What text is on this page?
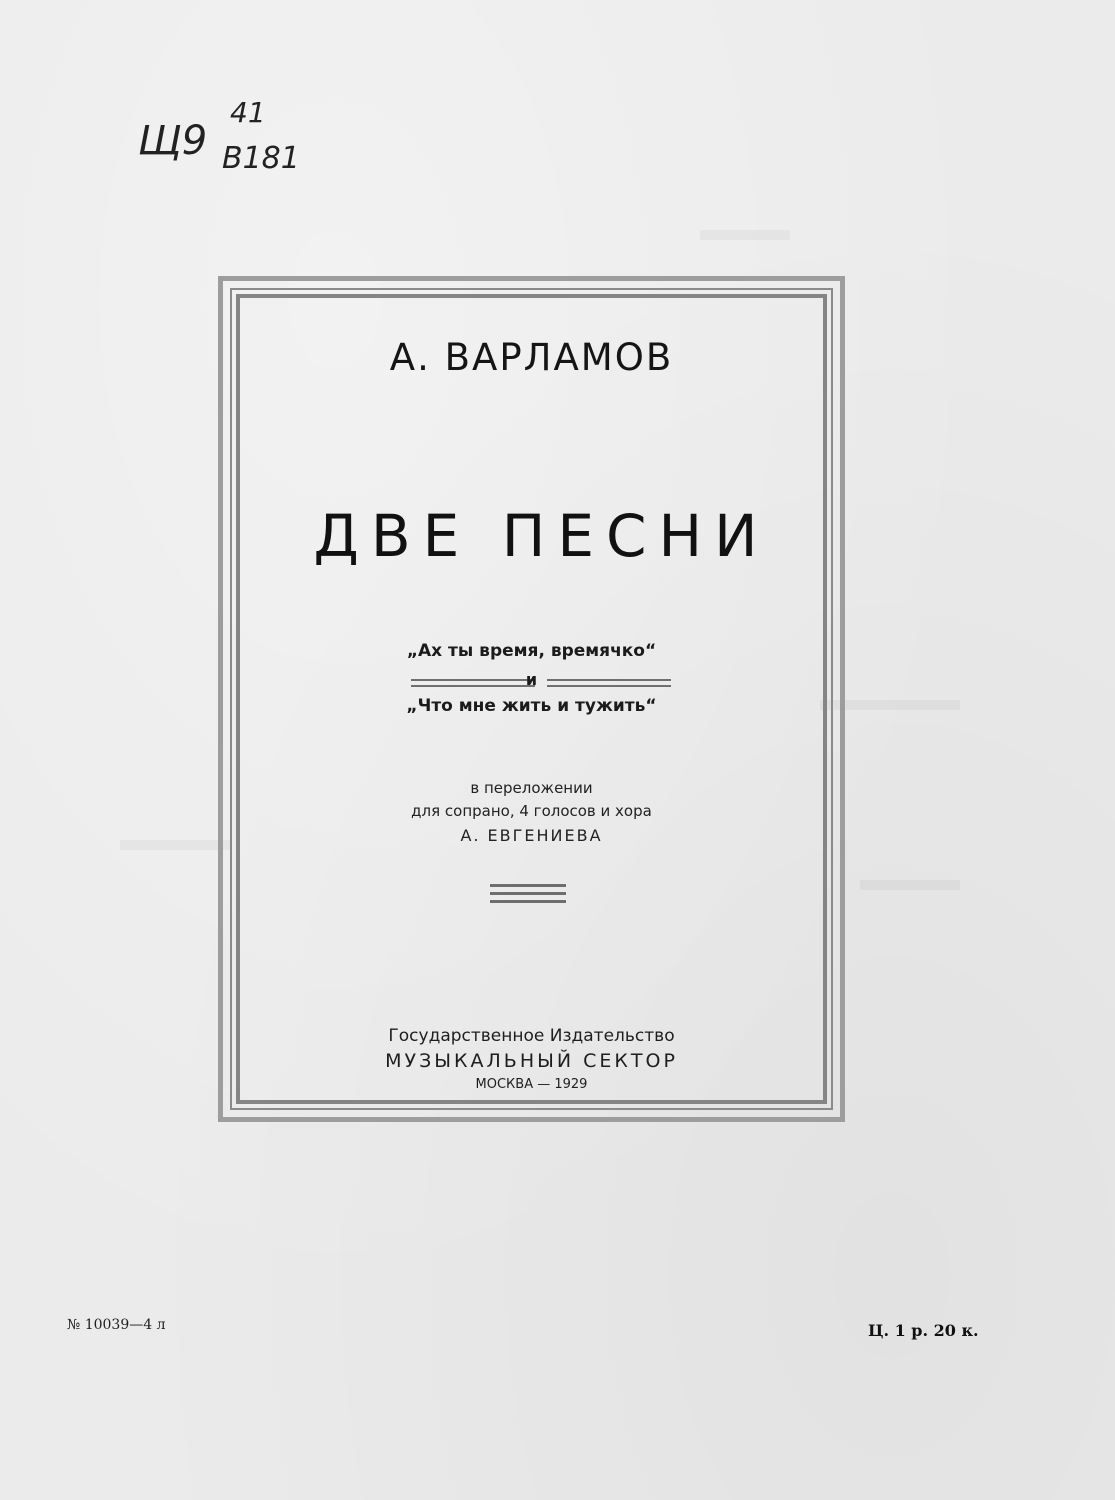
Щ9
41
В181
А. ВАРЛАМОВ
ДВЕ ПЕСНИ
„Ах ты время, времячко“
и
„Что мне жить и тужить“
в переложении
для сопрано, 4 голосов и хора
А. ЕВГЕНИЕВА
Государственное Издательство
МУЗЫКАЛЬНЫЙ СЕКТОР
МОСКВА — 1929
№ 10039—4 л	Ц. 1 р. 20 к.
